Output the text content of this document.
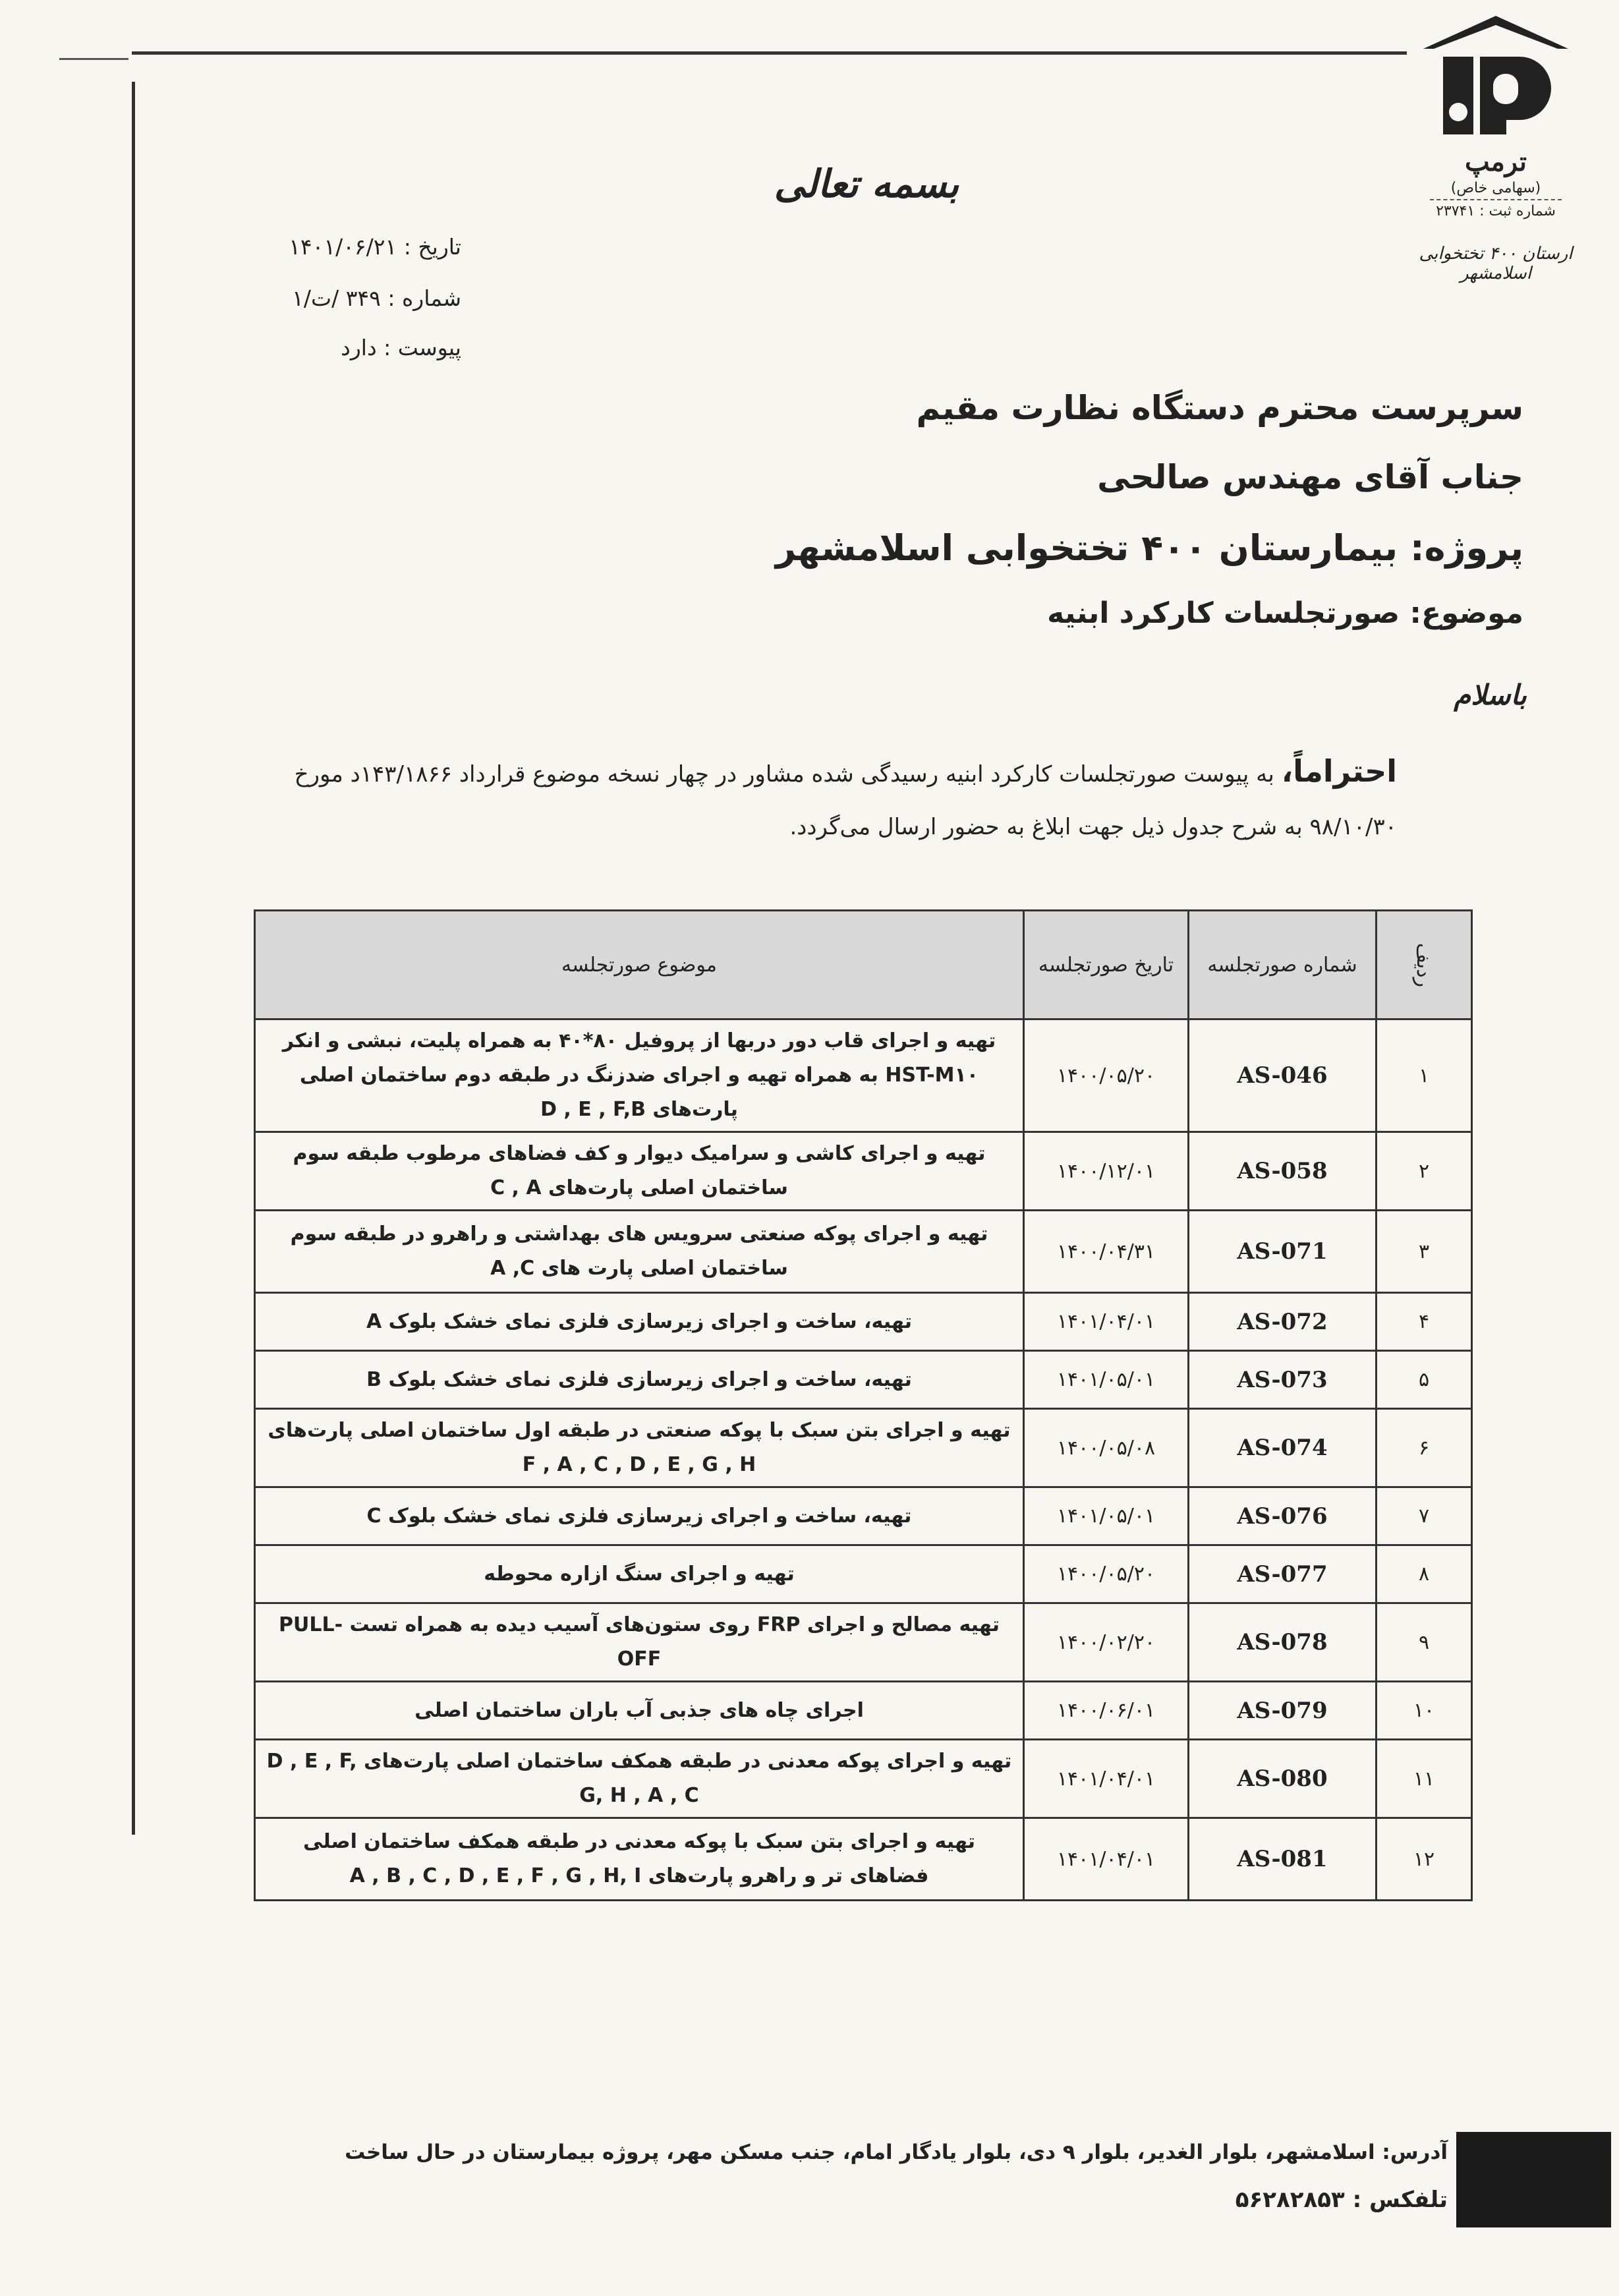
ترمپ
(سهامی خاص)
شماره ثبت : ۲۳۷۴۱
ارستان ۴۰۰ تختخوابی اسلامشهر
بسمه تعالی
تاریخ : ۱۴۰۱/۰۶/۲۱
شماره : ۳۴۹ /ت/۱
پیوست : دارد
سرپرست محترم دستگاه نظارت مقیم
جناب آقای مهندس صالحی
پروژه: بیمارستان ۴۰۰ تختخوابی اسلامشهر
موضوع: صورتجلسات کارکرد ابنیه
باسلام
احتراماً، به پیوست صورتجلسات کارکرد ابنیه رسیدگی شده مشاور در چهار نسخه موضوع قرارداد ۱۴۳/۱۸۶۶د مورخ ۹۸/۱۰/۳۰ به شرح جدول ذیل جهت ابلاغ به حضور ارسال می‌گردد.
ردیف	شماره صورتجلسه	تاریخ صورتجلسه	موضوع صورتجلسه
۱	AS-046	۱۴۰۰/۰۵/۲۰	تهیه و اجرای قاب دور دربها از پروفیل ۸۰*۴۰ به همراه پلیت، نبشی و انکر HST-M۱۰ به همراه تهیه و اجرای ضدزنگ در طبقه دوم ساختمان اصلی پارت‌های D , E , F,B
۲	AS-058	۱۴۰۰/۱۲/۰۱	تهیه و اجرای کاشی و سرامیک دیوار و کف فضاهای مرطوب طبقه سوم ساختمان اصلی پارت‌های C , A
۳	AS-071	۱۴۰۰/۰۴/۳۱	تهیه و اجرای پوکه صنعتی سرویس های بهداشتی و راهرو در طبقه سوم ساختمان اصلی پارت های A ,C
۴	AS-072	۱۴۰۱/۰۴/۰۱	تهیه، ساخت و اجرای زیرسازی فلزی نمای خشک بلوک A
۵	AS-073	۱۴۰۱/۰۵/۰۱	تهیه، ساخت و اجرای زیرسازی فلزی نمای خشک بلوک B
۶	AS-074	۱۴۰۰/۰۵/۰۸	تهیه و اجرای بتن سبک با پوکه صنعتی در طبقه اول ساختمان اصلی پارت‌های F , A , C , D , E , G , H
۷	AS-076	۱۴۰۱/۰۵/۰۱	تهیه، ساخت و اجرای زیرسازی فلزی نمای خشک بلوک C
۸	AS-077	۱۴۰۰/۰۵/۲۰	تهیه و اجرای سنگ ازاره محوطه
۹	AS-078	۱۴۰۰/۰۲/۲۰	تهیه مصالح و اجرای FRP روی ستون‌های آسیب دیده به همراه تست PULL-OFF
۱۰	AS-079	۱۴۰۰/۰۶/۰۱	اجرای چاه های جذبی آب باران ساختمان اصلی
۱۱	AS-080	۱۴۰۱/۰۴/۰۱	تهیه و اجرای پوکه معدنی در طبقه همکف ساختمان اصلی پارت‌های D , E , F, G, H , A , C
۱۲	AS-081	۱۴۰۱/۰۴/۰۱	تهیه و اجرای بتن سبک با پوکه معدنی در طبقه همکف ساختمان اصلی فضاهای تر و راهرو پارت‌های A , B , C , D , E , F , G , H, I
آدرس: اسلامشهر، بلوار الغدیر، بلوار ۹ دی، بلوار یادگار امام، جنب مسکن مهر، پروژه بیمارستان در حال ساخت
تلفکس : ۵۶۲۸۲۸۵۳
